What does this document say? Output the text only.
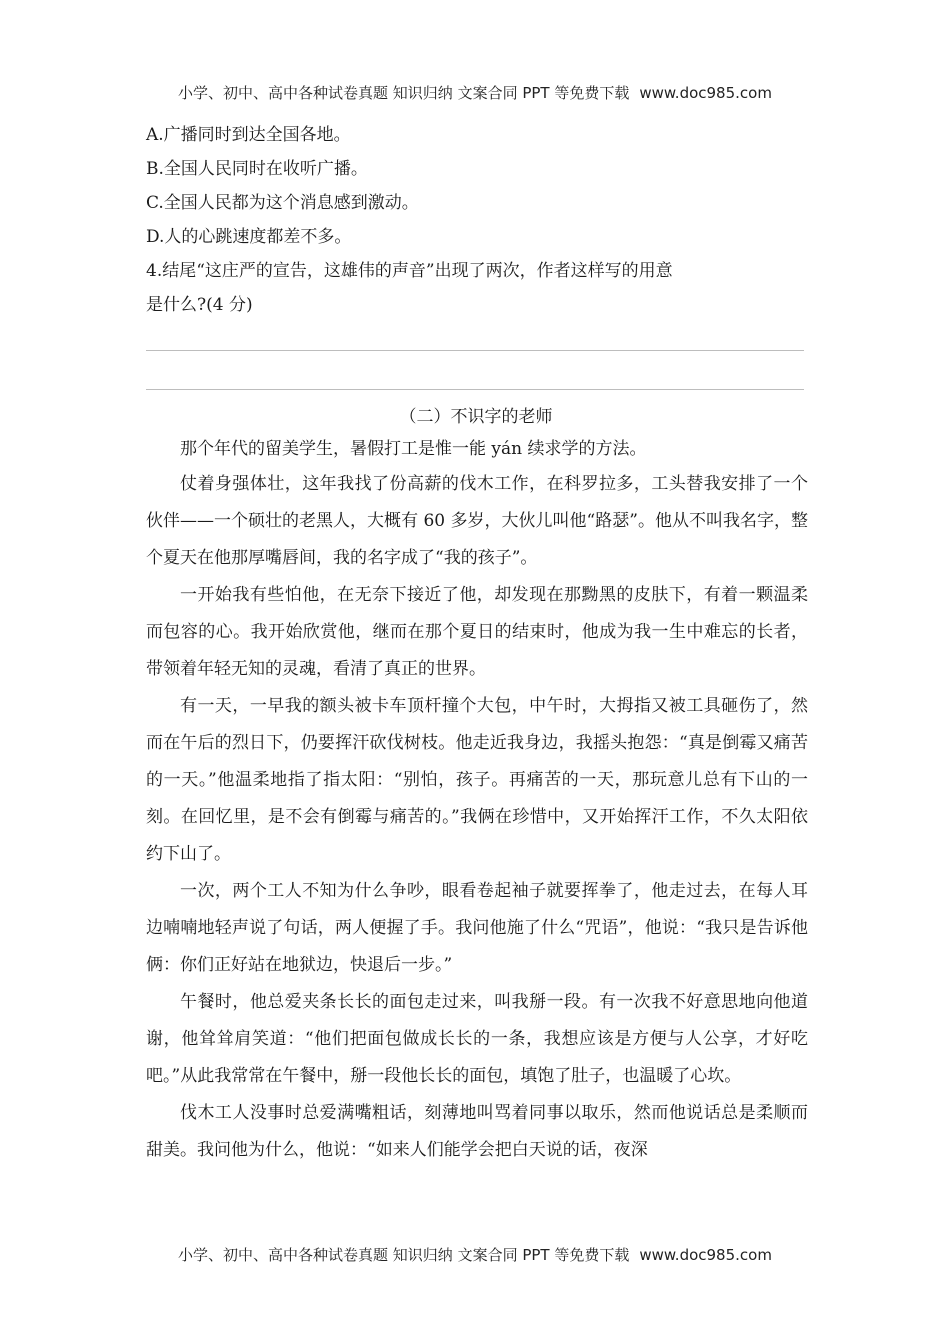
小学、初中、高中各种试卷真题 知识归纳 文案合同 PPT 等免费下载 www.doc985.com
A.广播同时到达全国各地。
B.全国人民同时在收听广播。
C.全国人民都为这个消息感到激动。
D.人的心跳速度都差不多。
4.结尾“这庄严的宣告，这雄伟的声音”出现了两次，作者这样写的用意
是什么?(4 分)
（二）不识字的老师

那个年代的留美学生，暑假打工是惟一能 yán 续求学的方法。

仗着身强体壮，这年我找了份高薪的伐木工作，在科罗拉多，工头替我安排了一个伙伴——一个硕壮的老黑人，大概有 60 多岁，大伙儿叫他“路瑟”。他从不叫我名字，整个夏天在他那厚嘴唇间，我的名字成了“我的孩子”。

一开始我有些怕他，在无奈下接近了他，却发现在那黝黑的皮肤下，有着一颗温柔而包容的心。我开始欣赏他，继而在那个夏日的结束时，他成为我一生中难忘的长者，带领着年轻无知的灵魂，看清了真正的世界。

有一天，一早我的额头被卡车顶杆撞个大包，中午时，大拇指又被工具砸伤了，然而在午后的烈日下，仍要挥汗砍伐树枝。他走近我身边，我摇头抱怨：“真是倒霉又痛苦的一天。”他温柔地指了指太阳：“别怕，孩子。再痛苦的一天，那玩意儿总有下山的一刻。在回忆里，是不会有倒霉与痛苦的。”我俩在珍惜中，又开始挥汗工作，不久太阳依约下山了。

一次，两个工人不知为什么争吵，眼看卷起袖子就要挥拳了，他走过去，在每人耳边喃喃地轻声说了句话，两人便握了手。我问他施了什么“咒语”，他说：“我只是告诉他俩：你们正好站在地狱边，快退后一步。”

午餐时，他总爱夹条长长的面包走过来，叫我掰一段。有一次我不好意思地向他道谢，他耸耸肩笑道：“他们把面包做成长长的一条，我想应该是方便与人公享，才好吃吧。”从此我常常在午餐中，掰一段他长长的面包，填饱了肚子，也温暖了心坎。

伐木工人没事时总爱满嘴粗话，刻薄地叫骂着同事以取乐，然而他说话总是柔顺而甜美。我问他为什么，他说：“如来人们能学会把白天说的话，夜深

小学、初中、高中各种试卷真题 知识归纳 文案合同 PPT 等免费下载 www.doc985.com
